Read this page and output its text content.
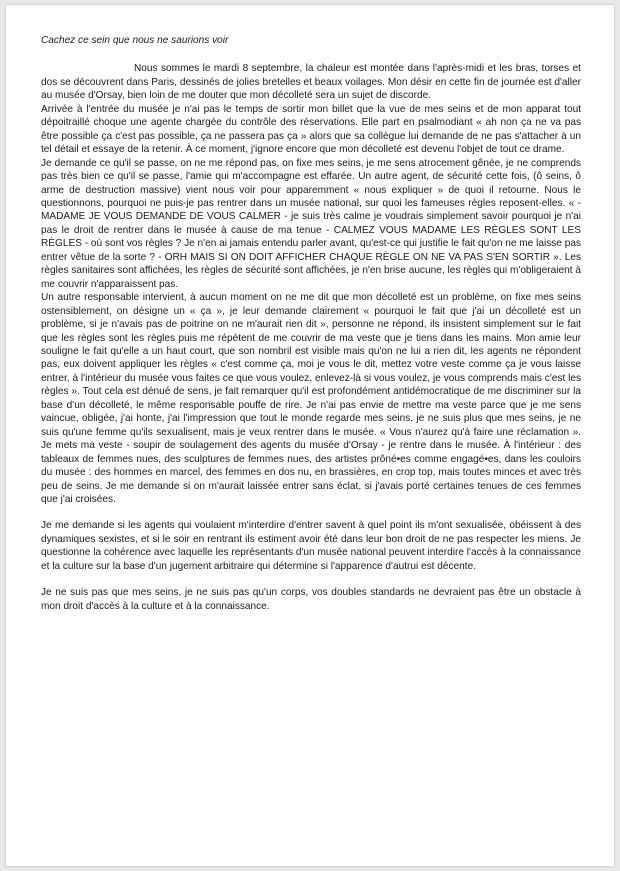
Cachez ce sein que nous ne saurions voir

Nous sommes le mardi 8 septembre, la chaleur est montée dans l'après-midi et les bras, torses et dos se découvrent dans Paris, dessinés de jolies bretelles et beaux voilages. Mon désir en cette fin de journée est d'aller au musée d'Orsay, bien loin de me douter que mon décolleté sera un sujet de discorde.

Arrivée à l'entrée du musée je n'ai pas le temps de sortir mon billet que la vue de mes seins et de mon apparat tout dépoitraillé choque une agente chargée du contrôle des réservations. Elle part en psalmodiant « ah non ça ne va pas être possible ça c'est pas possible, ça ne passera pas ça » alors que sa collègue lui demande de ne pas s'attacher à un tel détail et essaye de la retenir. À ce moment, j'ignore encore que mon décolleté est devenu l'objet de tout ce drame.

Je demande ce qu'il se passe, on ne me répond pas, on fixe mes seins, je me sens atrocement gênée, je ne comprends pas très bien ce qu'il se passe, l'amie qui m'accompagne est effarée. Un autre agent, de sécurité cette fois, (ô seins, ô arme de destruction massive) vient nous voir pour apparemment « nous expliquer » de quoi il retourne. Nous le questionnons, pourquoi ne puis-je pas rentrer dans un musée national, sur quoi les fameuses règles reposent-elles. « - MADAME JE VOUS DEMANDE DE VOUS CALMER - je suis très calme je voudrais simplement savoir pourquoi je n'ai pas le droit de rentrer dans le musée à cause de ma tenue - CALMEZ VOUS MADAME LES RÈGLES SONT LES RÈGLES - où sont vos règles ? Je n'en ai jamais entendu parler avant, qu'est-ce qui justifie le fait qu'on ne me laisse pas entrer vêtue de la sorte ? - ORH MAIS SI ON DOIT AFFICHER CHAQUE RÈGLE ON NE VA PAS S'EN SORTIR ». Les règles sanitaires sont affichées, les règles de sécurité sont affichées, je n'en brise aucune, les règles qui m'obligeraient à me couvrir n'apparaissent pas.

Un autre responsable intervient, à aucun moment on ne me dit que mon décolleté est un problème, on fixe mes seins ostensiblement, on désigne un « ça », je leur demande clairement « pourquoi le fait que j'ai un décolleté est un problème, si je n'avais pas de poitrine on ne m'aurait rien dit », personne ne répond, ils insistent simplement sur le fait que les règles sont les règles puis me répètent de me couvrir de ma veste que je tiens dans les mains. Mon amie leur souligne le fait qu'elle a un haut court, que son nombril est visible mais qu'on ne lui a rien dit, les agents ne répondent pas, eux doivent appliquer les règles « c'est comme ça, moi je vous le dit, mettez votre veste comme ça je vous laisse entrer, à l'intérieur du musée vous faites ce que vous voulez, enlevez-là si vous voulez, je vous comprends mais c'est les règles ». Tout cela est dénué de sens, je fait remarquer qu'il est profondément antidémocratique de me discriminer sur la base d'un décolleté, le même responsable pouffe de rire. Je n'ai pas envie de mettre ma veste parce que je me sens vaincue, obligée, j'ai honte, j'ai l'impression que tout le monde regarde mes seins, je ne suis plus que mes seins, je ne suis qu'une femme qu'ils sexualisent, mais je veux rentrer dans le musée. « Vous n'aurez qu'à faire une réclamation ». Je mets ma veste - soupir de soulagement des agents du musée d'Orsay - je rentre dans le musée. À l'intérieur : des tableaux de femmes nues, des sculptures de femmes nues, des artistes prôné•es comme engagé•es, dans les couloirs du musée : des hommes en marcel, des femmes en dos nu, en brassières, en crop top, mais toutes minces et avec très peu de seins. Je me demande si on m'aurait laissée entrer sans éclat, si j'avais porté certaines tenues de ces femmes que j'ai croisées.

Je me demande si les agents qui voulaient m'interdire d'entrer savent à quel point ils m'ont sexualisée, obéissent à des dynamiques sexistes, et si le soir en rentrant ils estiment avoir été dans leur bon droit de ne pas respecter les miens. Je questionne la cohérence avec laquelle les représentants d'un musée national peuvent interdire l'accès à la connaissance et la culture sur la base d'un jugement arbitraire qui détermine si l'apparence d'autrui est décente.

Je ne suis pas que mes seins, je ne suis pas qu'un corps, vos doubles standards ne devraient pas être un obstacle à mon droit d'accès à la culture et à la connaissance.
